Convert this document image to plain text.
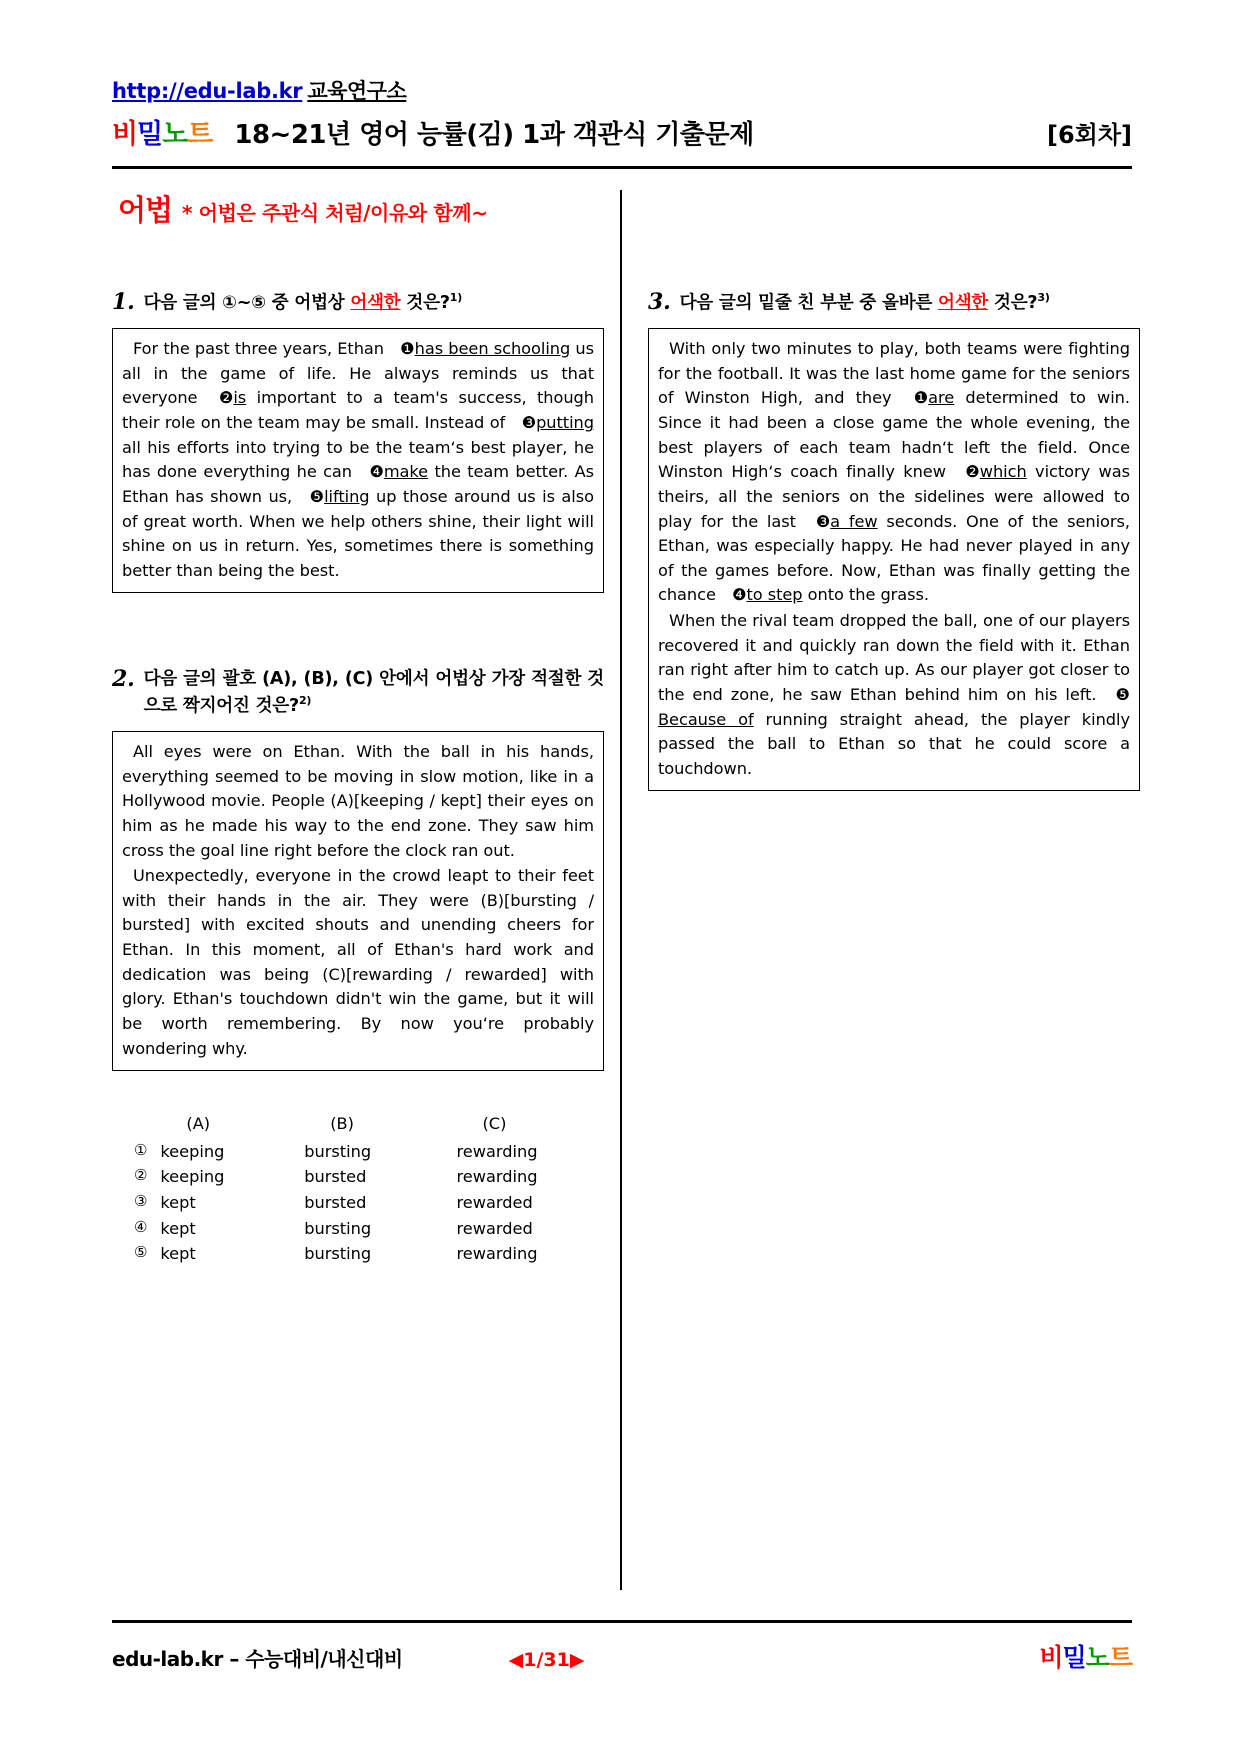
http://edu-lab.kr 교육연구소
비밀노트 18~21년 영어 능률(김) 1과 객관식 기출문제	[6회차]
어법 * 어법은 주관식 처럼/이유와 함께~
1. 다음 글의 ①~⑤ 중 어법상 어색한 것은?$^{1)}$

For the past three years, Ethan ❶has been schooling us all in the game of life. He always reminds us that everyone ❷is important to a team's success, though their role on the team may be small. Instead of ❸putting all his efforts into trying to be the team‘s best player, he has done everything he can ❹make the team better. As Ethan has shown us, ❺lifting up those around us is also of great worth. When we help others shine, their light will shine on us in return. Yes, sometimes there is something better than being the best.

2. 다음 글의 괄호 (A), (B), (C) 안에서 어법상 가장 적절한 것으로 짝지어진 것은?$^{2)}$

All eyes were on Ethan. With the ball in his hands, everything seemed to be moving in slow motion, like in a Hollywood movie. People (A)[keeping / kept] their eyes on him as he made his way to the end zone. They saw him cross the goal line right before the clock ran out.

Unexpectedly, everyone in the crowd leapt to their feet with their hands in the air. They were (B)[bursting / bursted] with excited shouts and unending cheers for Ethan. In this moment, all of Ethan's hard work and dedication was being (C)[rewarding / rewarded] with glory. Ethan's touchdown didn't win the game, but it will be worth remembering. By now you‘re probably wondering why.

	(A)	(B)	(C)
①	keeping	bursting	rewarding
②	keeping	bursted	rewarding
③	kept	bursted	rewarded
④	kept	bursting	rewarded
⑤	kept	bursting	rewarding
3. 다음 글의 밑줄 친 부분 중 올바른 어색한 것은?$^{3)}$

With only two minutes to play, both teams were fighting for the football. It was the last home game for the seniors of Winston High, and they ❶are determined to win. Since it had been a close game the whole evening, the best players of each team hadn‘t left the field. Once Winston High‘s coach finally knew ❷which victory was theirs, all the seniors on the sidelines were allowed to play for the last ❸a few seconds. One of the seniors, Ethan, was especially happy. He had never played in any of the games before. Now, Ethan was finally getting the chance ❹to step onto the grass.

When the rival team dropped the ball, one of our players recovered it and quickly ran down the field with it. Ethan ran right after him to catch up. As our player got closer to the end zone, he saw Ethan behind him on his left. ❺Because of running straight ahead, the player kindly passed the ball to Ethan so that he could score a touchdown.

edu-lab.kr – 수능대비/내신대비	◀1/31▶	비밀노트
